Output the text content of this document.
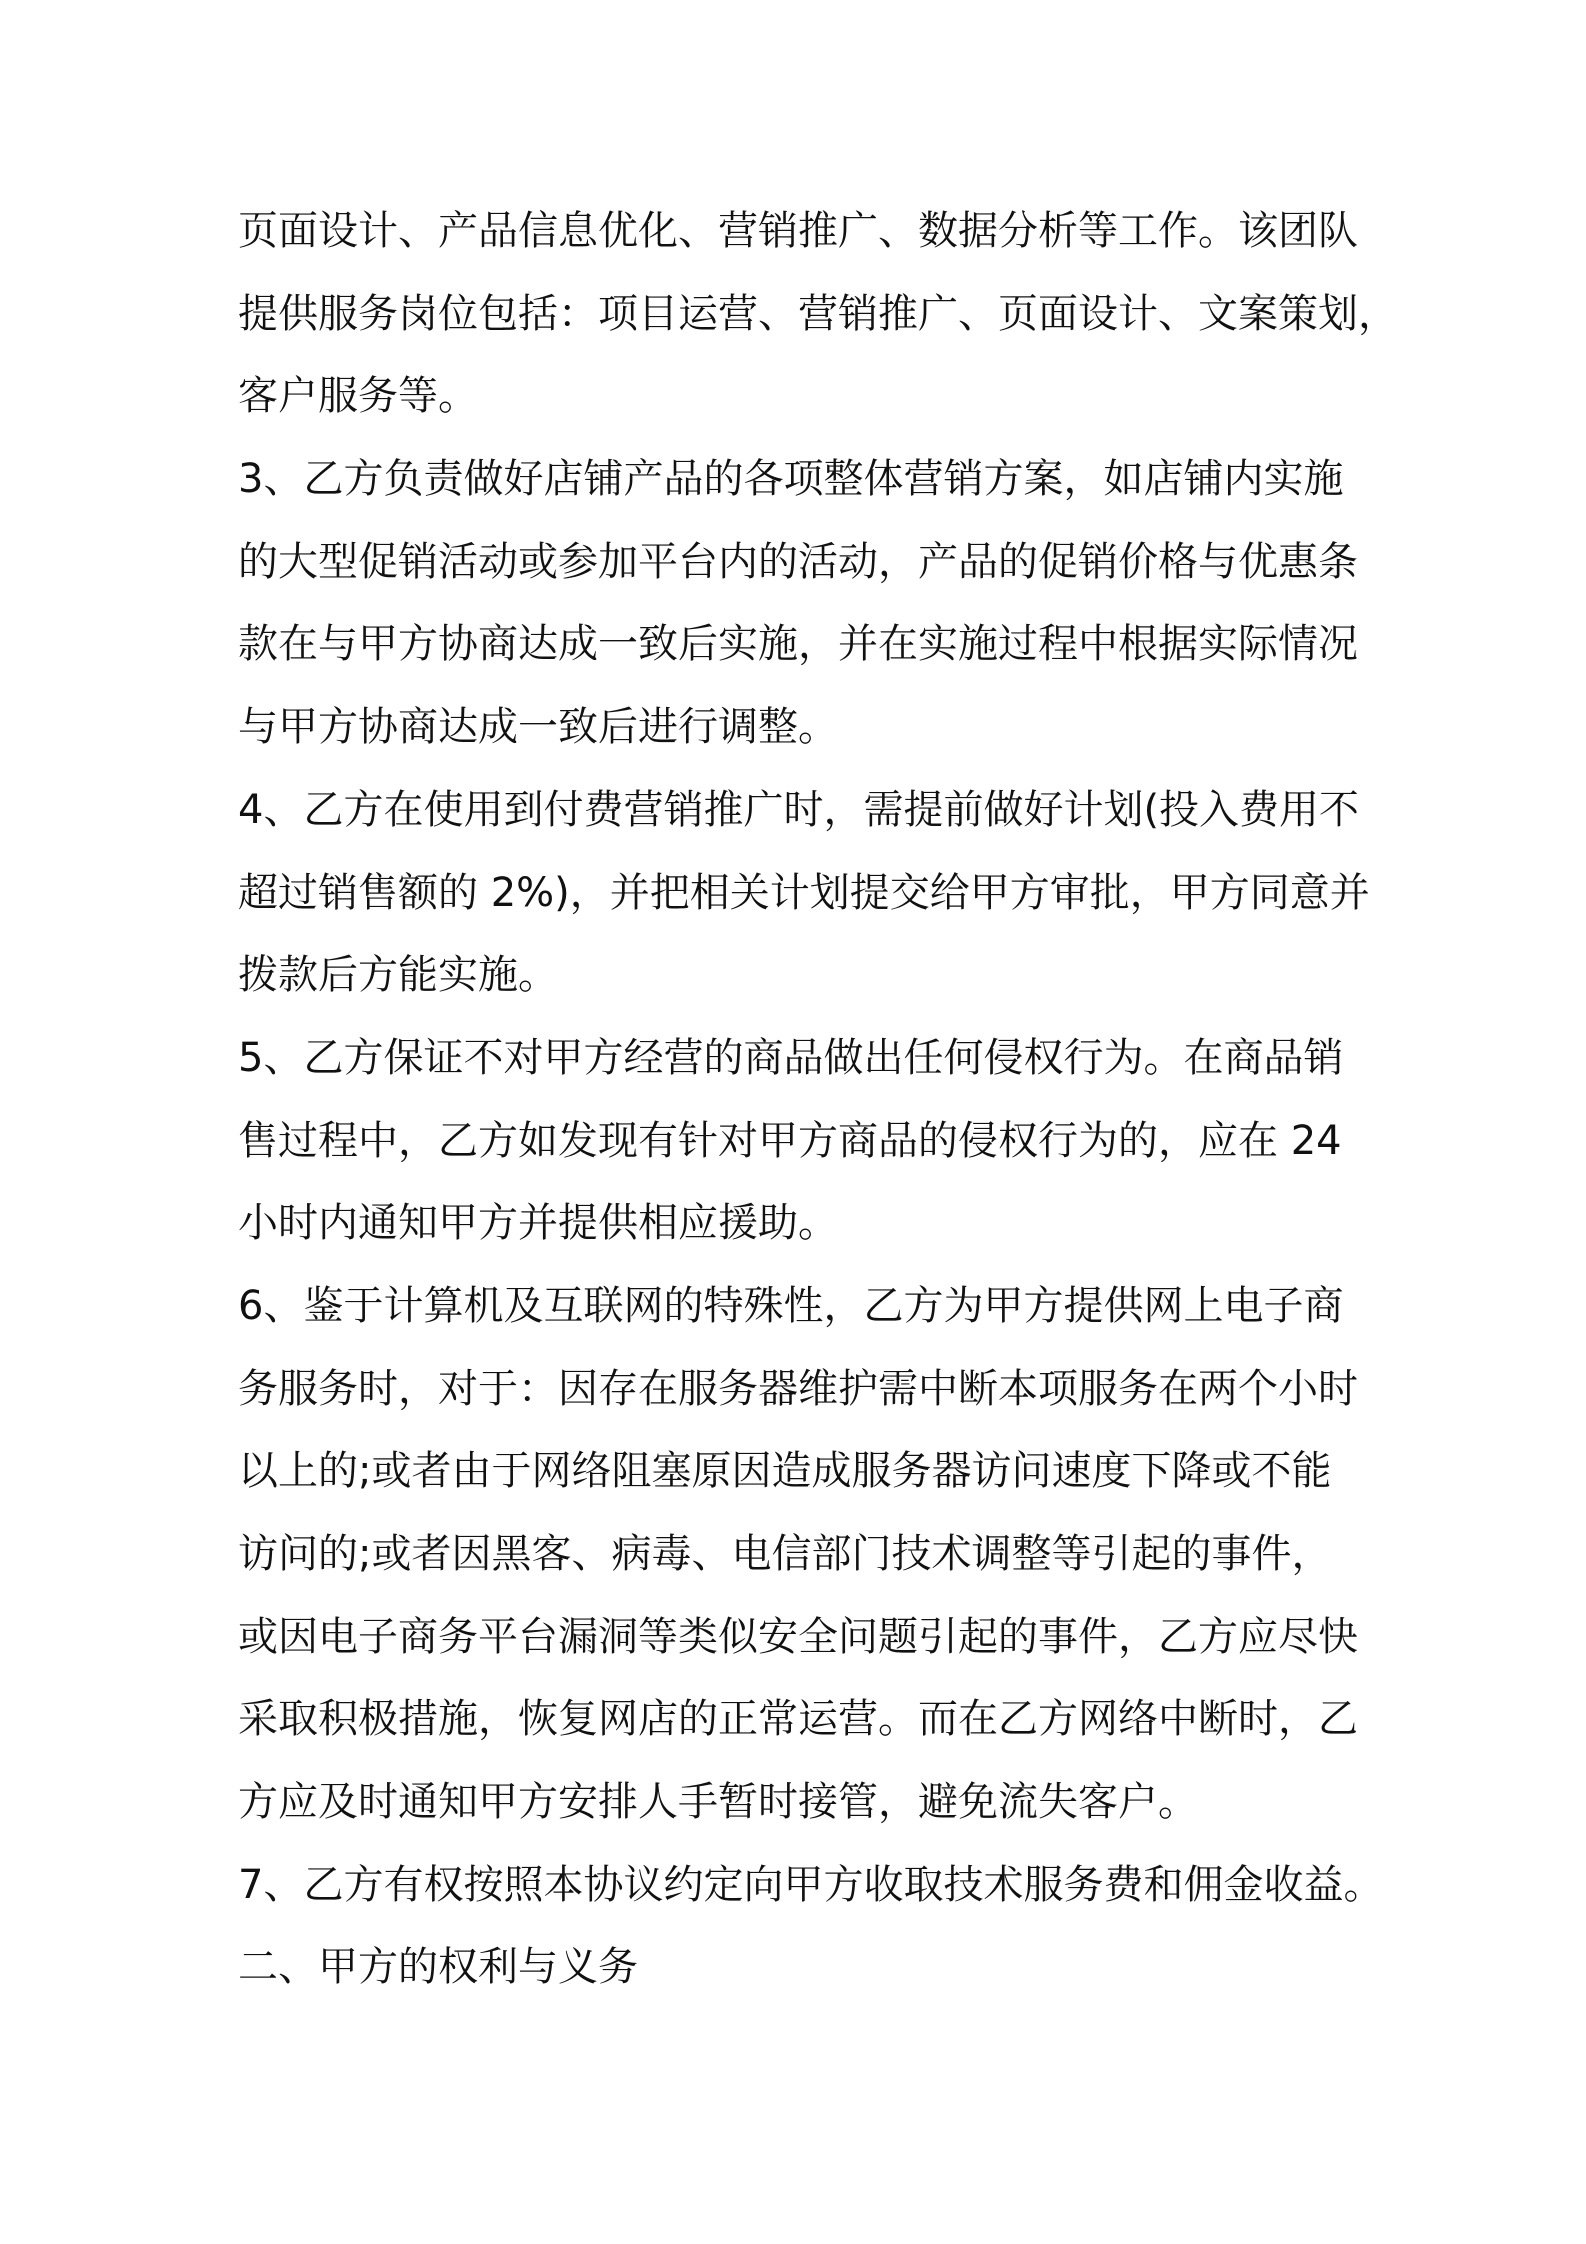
页面设计、产品信息优化、营销推广、数据分析等工作。该团队
提供服务岗位包括：项目运营、营销推广、页面设计、文案策划，
客户服务等。
3、乙方负责做好店铺产品的各项整体营销方案，如店铺内实施
的大型促销活动或参加平台内的活动，产品的促销价格与优惠条
款在与甲方协商达成一致后实施，并在实施过程中根据实际情况
与甲方协商达成一致后进行调整。
4、乙方在使用到付费营销推广时，需提前做好计划(投入费用不
超过销售额的 2%)，并把相关计划提交给甲方审批，甲方同意并
拨款后方能实施。
5、乙方保证不对甲方经营的商品做出任何侵权行为。在商品销
售过程中，乙方如发现有针对甲方商品的侵权行为的，应在 24
小时内通知甲方并提供相应援助。
6、鉴于计算机及互联网的特殊性，乙方为甲方提供网上电子商
务服务时，对于：因存在服务器维护需中断本项服务在两个小时
以上的;或者由于网络阻塞原因造成服务器访问速度下降或不能
访问的;或者因黑客、病毒、电信部门技术调整等引起的事件，
或因电子商务平台漏洞等类似安全问题引起的事件，乙方应尽快
采取积极措施，恢复网店的正常运营。而在乙方网络中断时，乙
方应及时通知甲方安排人手暂时接管，避免流失客户。
7、乙方有权按照本协议约定向甲方收取技术服务费和佣金收益。
二、甲方的权利与义务
